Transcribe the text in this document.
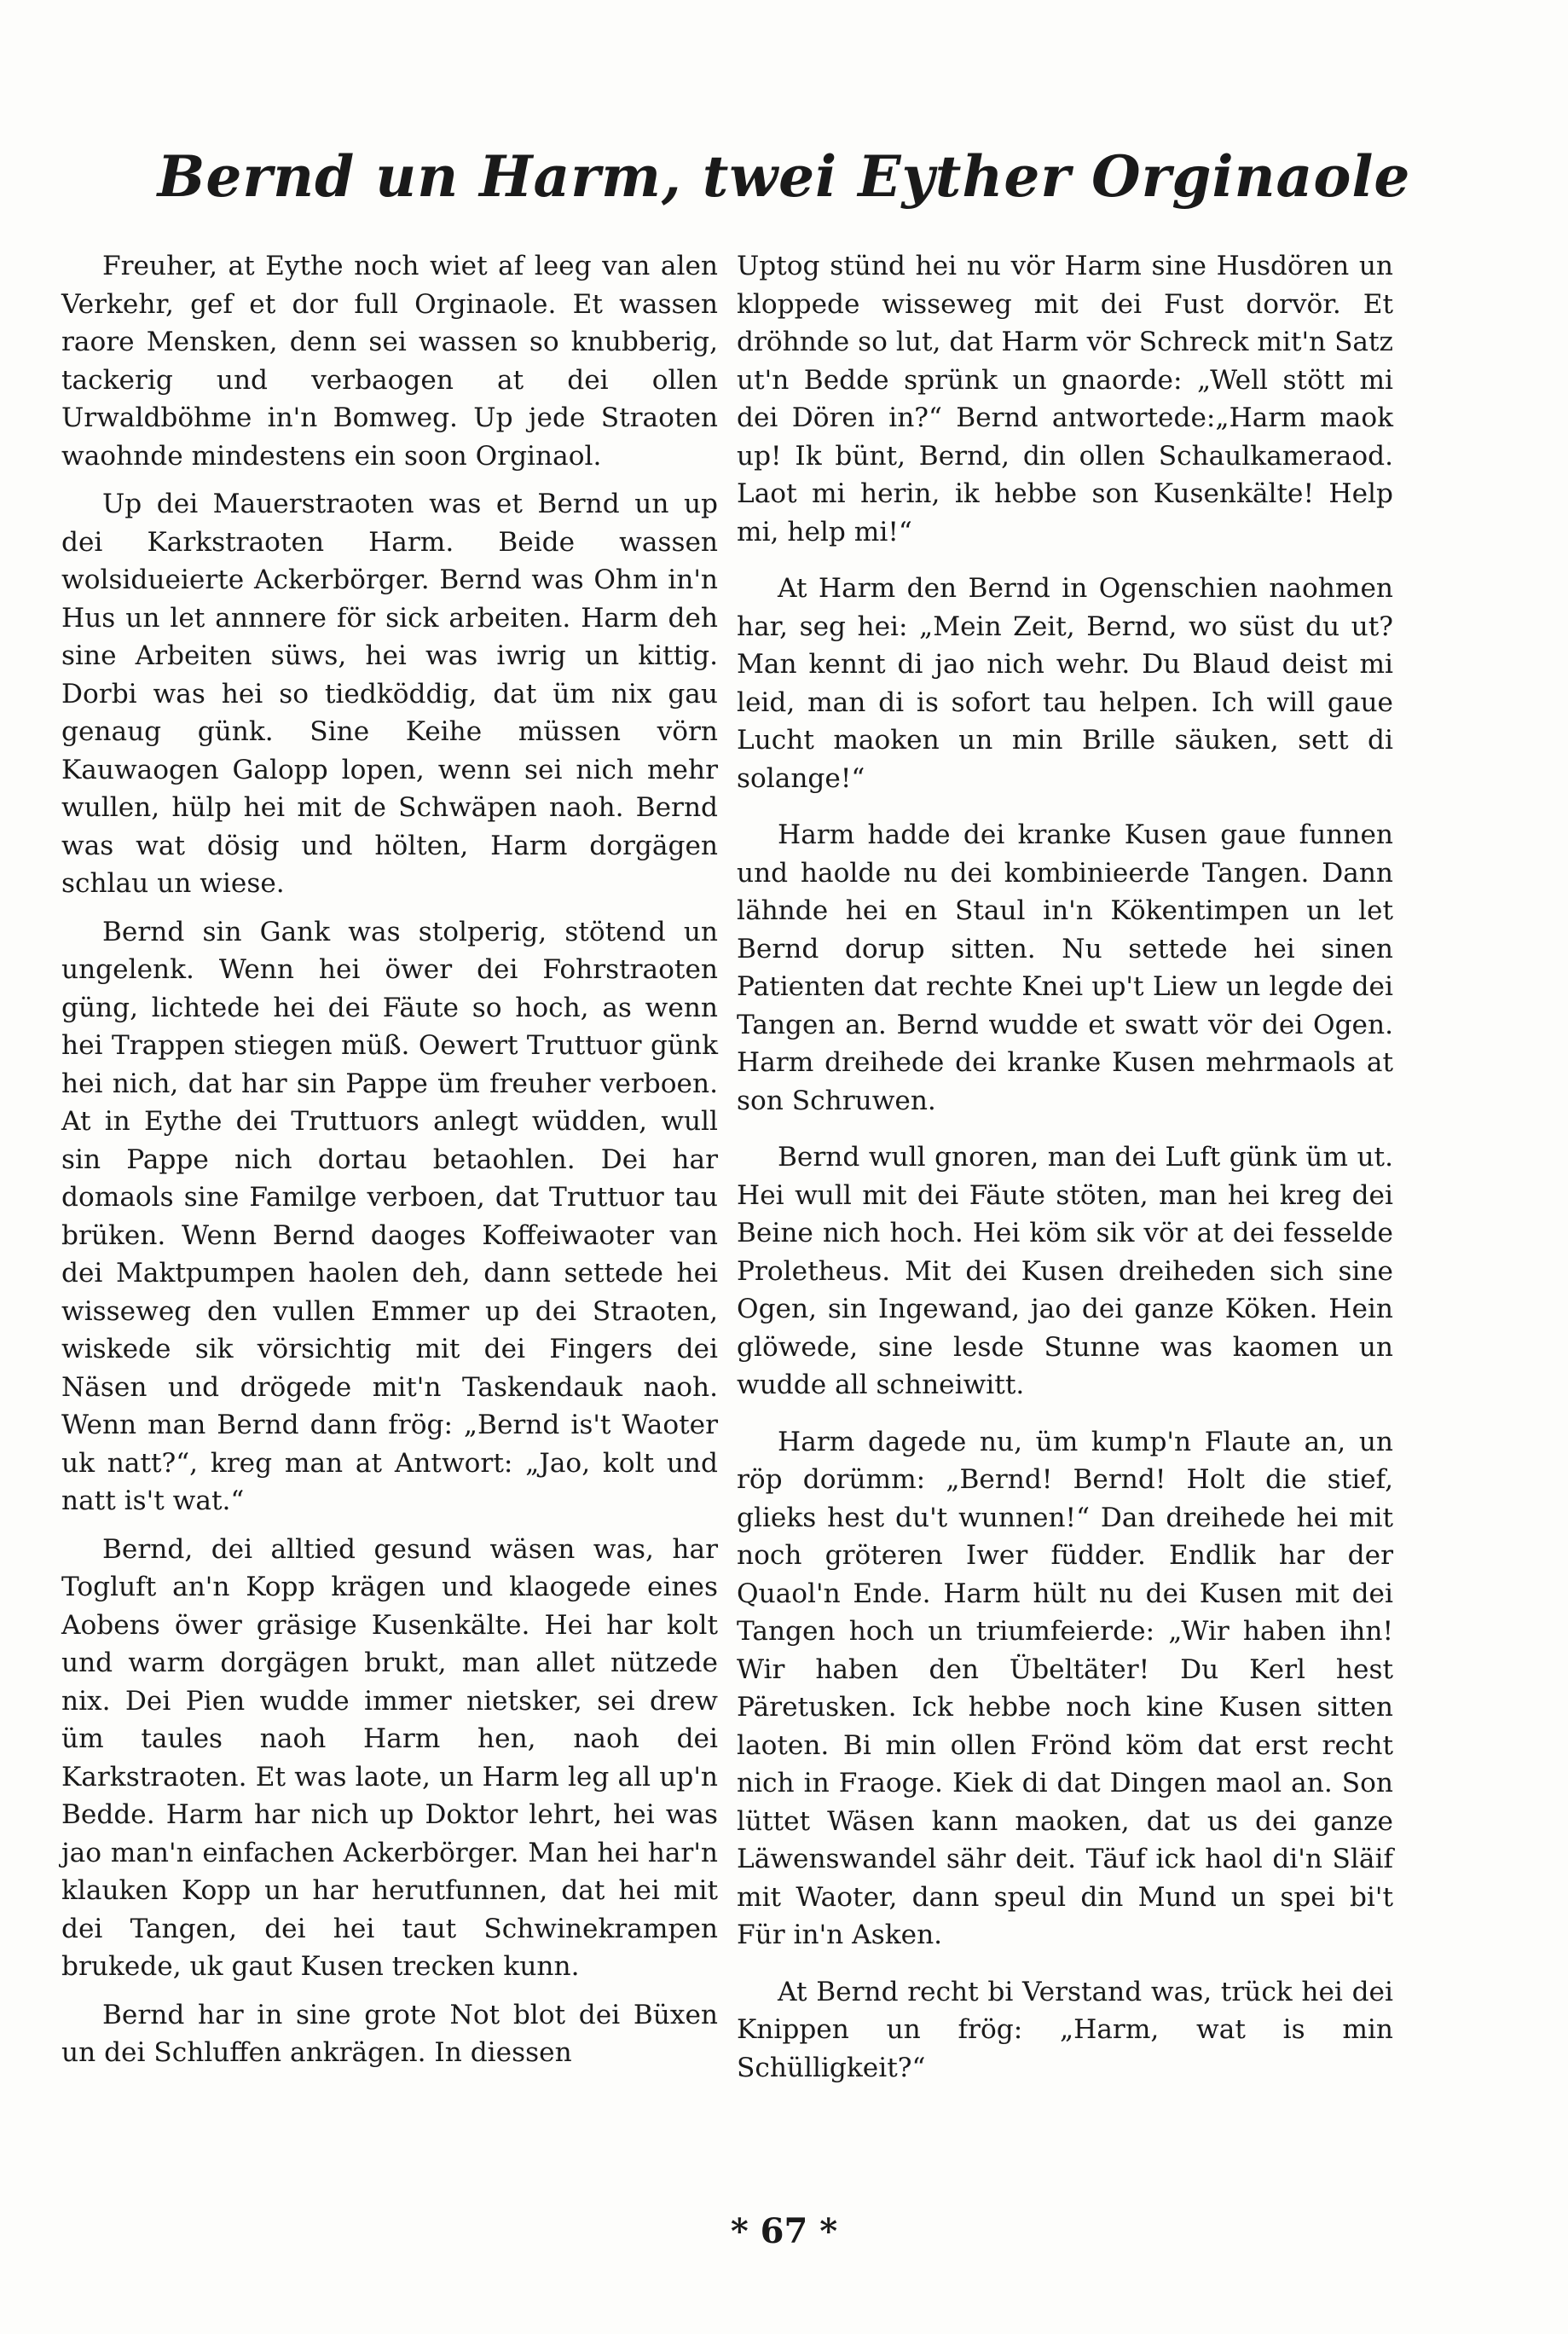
Bernd un Harm, twei Eyther Orginaole

Freuher, at Eythe noch wiet af leeg van alen Verkehr, gef et dor full Orginaole. Et wassen raore Mensken, denn sei wassen so knubberig, tackerig und verbaogen at dei ollen Urwaldböhme in'n Bomweg. Up jede Straoten waohnde mindestens ein soon Orginaol.

Up dei Mauerstraoten was et Bernd un up dei Karkstraoten Harm. Beide wassen wolsidueierte Ackerbörger. Bernd was Ohm in'n Hus un let annnere för sick arbeiten. Harm deh sine Arbeiten süws, hei was iwrig un kittig. Dorbi was hei so tiedköddig, dat üm nix gau genaug günk. Sine Keihe müssen vörn Kauwaogen Galopp lopen, wenn sei nich mehr wullen, hülp hei mit de Schwäpen naoh. Bernd was wat dösig und hölten, Harm dorgägen schlau un wiese.

Bernd sin Gank was stolperig, stötend un ungelenk. Wenn hei öwer dei Fohrstraoten güng, lichtede hei dei Fäute so hoch, as wenn hei Trappen stiegen müß. Oewert Truttuor günk hei nich, dat har sin Pappe üm freuher verboen. At in Eythe dei Truttuors anlegt wüdden, wull sin Pappe nich dortau betaohlen. Dei har domaols sine Familge verboen, dat Truttuor tau brüken. Wenn Bernd daoges Koffeiwaoter van dei Maktpumpen haolen deh, dann settede hei wisseweg den vullen Emmer up dei Straoten, wiskede sik vörsichtig mit dei Fingers dei Näsen und drögede mit'n Taskendauk naoh. Wenn man Bernd dann frög: „Bernd is't Waoter uk natt?“, kreg man at Antwort: „Jao, kolt und natt is't wat.“

Bernd, dei alltied gesund wäsen was, har Togluft an'n Kopp krägen und klaogede eines Aobens öwer gräsige Kusenkälte. Hei har kolt und warm dorgägen brukt, man allet nützede nix. Dei Pien wudde immer nietsker, sei drew üm taules naoh Harm hen, naoh dei Karkstraoten. Et was laote, un Harm leg all up'n Bedde. Harm har nich up Doktor lehrt, hei was jao man'n einfachen Ackerbörger. Man hei har'n klauken Kopp un har herutfunnen, dat hei mit dei Tangen, dei hei taut Schwinekrampen brukede, uk gaut Kusen trecken kunn.

Bernd har in sine grote Not blot dei Büxen un dei Schluffen ankrägen. In diessen

Uptog stünd hei nu vör Harm sine Husdören un kloppede wisseweg mit dei Fust dorvör. Et dröhnde so lut, dat Harm vör Schreck mit'n Satz ut'n Bedde sprünk un gnaorde: „Well stött mi dei Dören in?“ Bernd antwortede:„Harm maok up! Ik bünt, Bernd, din ollen Schaulkameraod. Laot mi herin, ik hebbe son Kusenkälte! Help mi, help mi!“

At Harm den Bernd in Ogenschien naohmen har, seg hei: „Mein Zeit, Bernd, wo süst du ut? Man kennt di jao nich wehr. Du Blaud deist mi leid, man di is sofort tau helpen. Ich will gaue Lucht maoken un min Brille säuken, sett di solange!“

Harm hadde dei kranke Kusen gaue funnen und haolde nu dei kombinieerde Tangen. Dann lähnde hei en Staul in'n Kökentimpen un let Bernd dorup sitten. Nu settede hei sinen Patienten dat rechte Knei up't Liew un legde dei Tangen an. Bernd wudde et swatt vör dei Ogen. Harm dreihede dei kranke Kusen mehrmaols at son Schruwen.

Bernd wull gnoren, man dei Luft günk üm ut. Hei wull mit dei Fäute stöten, man hei kreg dei Beine nich hoch. Hei köm sik vör at dei fesselde Proletheus. Mit dei Kusen dreiheden sich sine Ogen, sin Ingewand, jao dei ganze Köken. Hein glöwede, sine lesde Stunne was kaomen un wudde all schneiwitt.

Harm dagede nu, üm kump'n Flaute an, un röp dorümm: „Bernd! Bernd! Holt die stief, glieks hest du't wunnen!“ Dan dreihede hei mit noch gröteren Iwer füdder. Endlik har der Quaol'n Ende. Harm hült nu dei Kusen mit dei Tangen hoch un triumfeierde: „Wir haben ihn! Wir haben den Übeltäter! Du Kerl hest Päretusken. Ick hebbe noch kine Kusen sitten laoten. Bi min ollen Frönd köm dat erst recht nich in Fraoge. Kiek di dat Dingen maol an. Son lüttet Wäsen kann maoken, dat us dei ganze Läwenswandel sähr deit. Täuf ick haol di'n Släif mit Waoter, dann speul din Mund un spei bi't Für in'n Asken.

At Bernd recht bi Verstand was, trück hei dei Knippen un frög: „Harm, wat is min Schülligkeit?“

* 67 *
